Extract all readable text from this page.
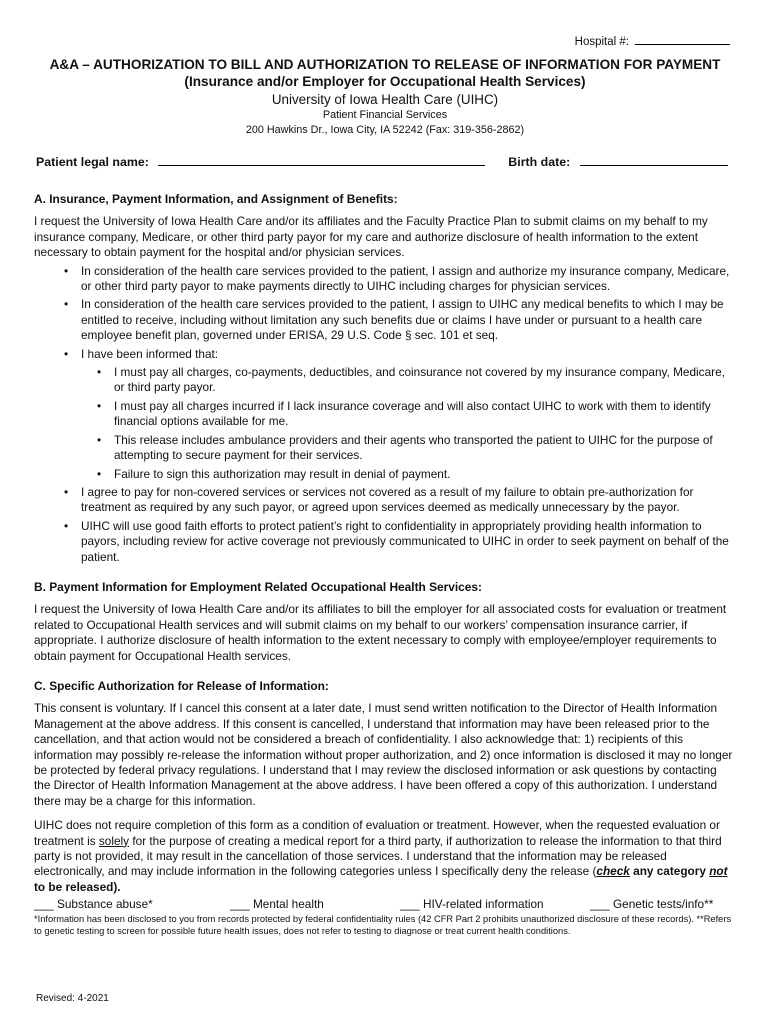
Hospital #:
A&A – AUTHORIZATION TO BILL AND AUTHORIZATION TO RELEASE OF INFORMATION FOR PAYMENT
(Insurance and/or Employer for Occupational Health Services)
University of Iowa Health Care (UIHC)
Patient Financial Services
200 Hawkins Dr., Iowa City, IA 52242 (Fax: 319-356-2862)
Patient legal name:	Birth date:
A. Insurance, Payment Information, and Assignment of Benefits:

I request the University of Iowa Health Care and/or its affiliates and the Faculty Practice Plan to submit claims on my behalf to my insurance company, Medicare, or other third party payor for my care and authorize disclosure of health information to the extent necessary to obtain payment for the hospital and/or physician services.

• In consideration of the health care services provided to the patient, I assign and authorize my insurance company, Medicare, or other third party payor to make payments directly to UIHC including charges for physician services.
• In consideration of the health care services provided to the patient, I assign to UIHC any medical benefits to which I may be entitled to receive, including without limitation any such benefits due or claims I have under or pursuant to a health care employee benefit plan, governed under ERISA, 29 U.S. Code § sec. 101 et seq.
• I have been informed that:
• I must pay all charges, co-payments, deductibles, and coinsurance not covered by my insurance company, Medicare, or third party payor.
• I must pay all charges incurred if I lack insurance coverage and will also contact UIHC to work with them to identify financial options available for me.
• This release includes ambulance providers and their agents who transported the patient to UIHC for the purpose of attempting to secure payment for their services.
• Failure to sign this authorization may result in denial of payment.
• I agree to pay for non-covered services or services not covered as a result of my failure to obtain pre-authorization for treatment as required by any such payor, or agreed upon services deemed as medically unnecessary by the payor.
• UIHC will use good faith efforts to protect patient’s right to confidentiality in appropriately providing health information to payors, including review for active coverage not previously communicated to UIHC in order to seek payment on behalf of the patient.
B. Payment Information for Employment Related Occupational Health Services:

I request the University of Iowa Health Care and/or its affiliates to bill the employer for all associated costs for evaluation or treatment related to Occupational Health services and will submit claims on my behalf to our workers’ compensation insurance carrier, if appropriate. I authorize disclosure of health information to the extent necessary to comply with employee/employer requirements to obtain payment for Occupational Health services.

C. Specific Authorization for Release of Information:

This consent is voluntary. If I cancel this consent at a later date, I must send written notification to the Director of Health Information Management at the above address. If this consent is cancelled, I understand that information may have been released prior to the cancellation, and that action would not be considered a breach of confidentiality. I also acknowledge that: 1) recipients of this information may possibly re-release the information without proper authorization, and 2) once information is disclosed it may no longer be protected by federal privacy regulations. I understand that I may review the disclosed information or ask questions by contacting the Director of Health Information Management at the above address. I have been offered a copy of this authorization. I understand there may be a charge for this information.

UIHC does not require completion of this form as a condition of evaluation or treatment. However, when the requested evaluation or treatment is solely for the purpose of creating a medical report for a third party, if authorization to release the information to that third party is not provided, it may result in the cancellation of those services. I understand that the information may be released electronically, and may include information in the following categories unless I specifically deny the release (check any category not to be released).

___ Substance abuse*	___ Mental health	___ HIV-related information	___ Genetic tests/info**

*Information has been disclosed to you from records protected by federal confidentiality rules (42 CFR Part 2 prohibits unauthorized disclosure of these records). **Refers to genetic testing to screen for possible future health issues, does not refer to testing to diagnose or treat current health conditions.

Revised: 4-2021
